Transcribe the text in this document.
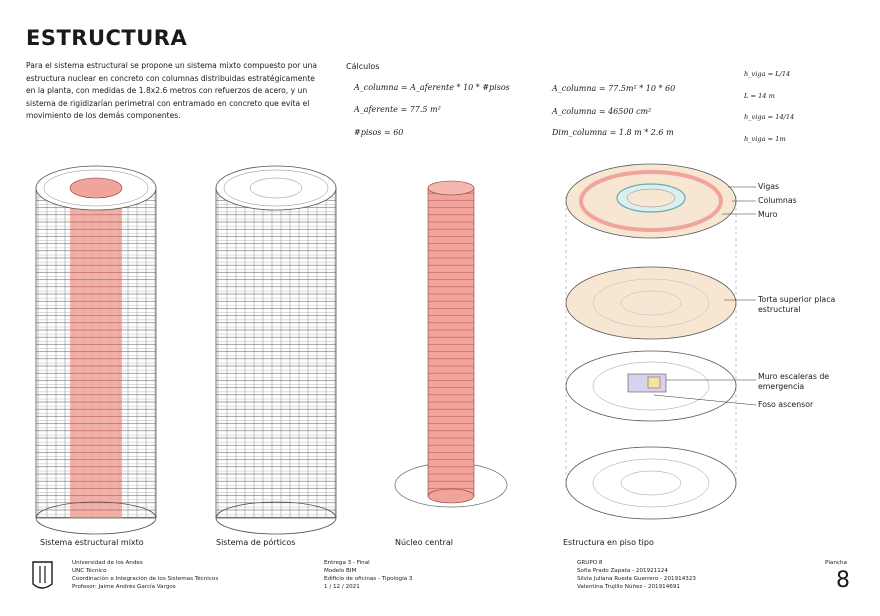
ESTRUCTURA
Para el sistema estructural se propone un sistema mixto compuesto por una estructura nuclear en concreto con columnas distribuidas estratégicamente en la planta, con medidas de 1.8x2.6 metros con refuerzos de acero, y un sistema de rigidizarían perimetral con entramado en concreto que evita el movimiento de los demás componentes.
Cálculos
A_columna = A_aferente * 10 * #pisos
A_aferente = 77.5 m²
#pisos = 60
A_columna = 77.5m² * 10 * 60
A_columna = 46500 cm²
Dim_columna = 1.8 m * 2.6 m
h_viga = L/14
L = 14 m
h_viga = 14/14
h_viga = 1m
Vigas
Columnas
Muro
Torta superior placa estructural
Muro escaleras de emergencia
Foso ascensor
Sistema estructural mixto	Sistema de pórticos	Núcleo central	Estructura en piso tipo
Universidad de los Andes
UNC Técnico
Coordinación e Integración de los Sistemas Técnicos
Profesor: Jaime Andrés García Vargos
Entrega 3 - Final
Modelo BIM
Edificio de oficinas - Tipología 3
1 / 12 / 2021
GRUPO 8
Sofía Prado Zapata - 201921124
Silvia Juliana Rueda Guerrero - 201914323
Valentina Trujillo Núñez - 201914691
Plancha
8
